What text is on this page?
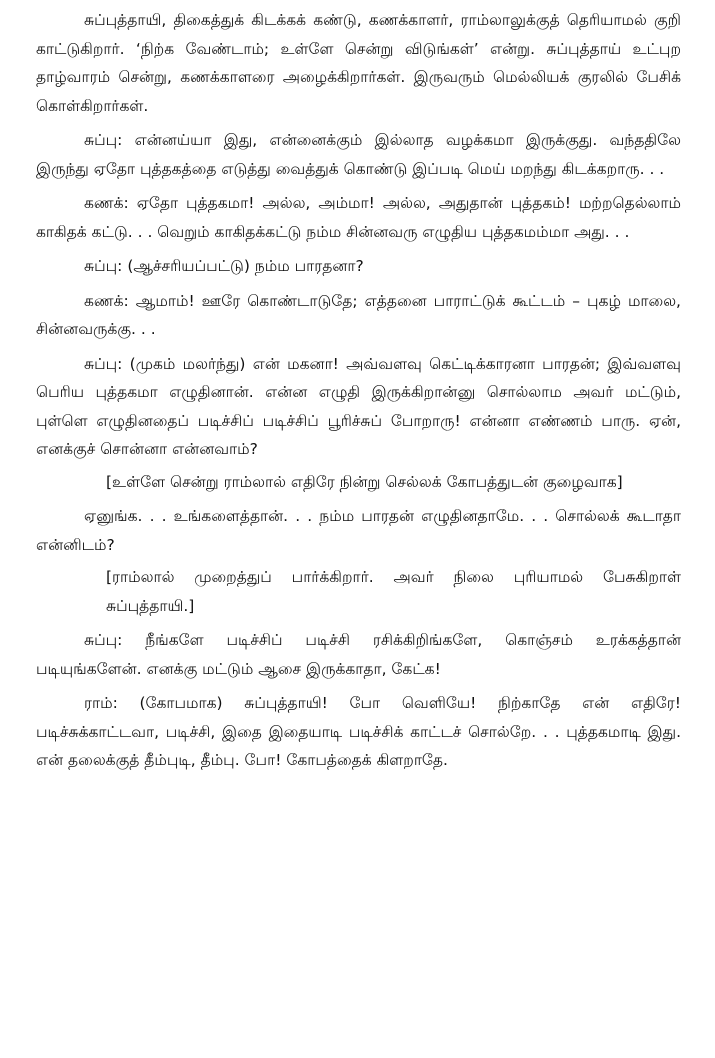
சுப்புத்தாயி, திகைத்துக் கிடக்கக் கண்டு, கணக்காளர், ராம்லாலுக்குத் தெரியாமல் குறி காட்டுகிறார். ‘நிற்க வேண்டாம்; உள்ளே சென்று விடுங்கள்’ என்று. சுப்புத்தாய் உட்புற தாழ்வாரம் சென்று, கணக்காளரை அழைக்கிறார்கள். இருவரும் மெல்லியக் குரலில் பேசிக் கொள்கிறார்கள்.

சுப்பு: என்னய்யா இது, என்னைக்கும் இல்லாத வழக்கமா இருக்குது. வந்ததிலே இருந்து ஏதோ புத்தகத்தை எடுத்து வைத்துக் கொண்டு இப்படி மெய் மறந்து கிடக்கறாரு. . .

கணக்: ஏதோ புத்தகமா! அல்ல, அம்மா! அல்ல, அதுதான் புத்தகம்! மற்றதெல்லாம் காகிதக் கட்டு. . . வெறும் காகிதக்கட்டு நம்ம சின்னவரு எழுதிய புத்தகமம்மா அது. . .

சுப்பு: (ஆச்சரியப்பட்டு) நம்ம பாரதனா?

கணக்: ஆமாம்! ஊரே கொண்டாடுதே; எத்தனை பாராட்டுக் கூட்டம் – புகழ் மாலை, சின்னவருக்கு. . .

சுப்பு: (முகம் மலர்ந்து) என் மகனா! அவ்வளவு கெட்டிக்காரனா பாரதன்; இவ்வளவு பெரிய புத்தகமா எழுதினான். என்ன எழுதி இருக்கிறான்னு சொல்லாம அவர் மட்டும், புள்ளெ எழுதினதைப் படிச்சிப் படிச்சிப் பூரிச்சுப் போறாரு! என்னா எண்ணம் பாரு. ஏன், எனக்குச் சொன்னா என்னவாம்?

[உள்ளே சென்று ராம்லால் எதிரே நின்று செல்லக் கோபத்துடன் குழைவாக]

ஏனுங்க. . . உங்களைத்தான். . . நம்ம பாரதன் எழுதினதாமே. . . சொல்லக் கூடாதா என்னிடம்?

[ராம்லால் முறைத்துப் பார்க்கிறார். அவர் நிலை புரியாமல் பேசுகிறாள் சுப்புத்தாயி.]

சுப்பு: நீங்களே படிச்சிப் படிச்சி ரசிக்கிறிங்களே, கொஞ்சம் உரக்கத்தான் படியுங்களேன். எனக்கு மட்டும் ஆசை இருக்காதா, கேட்க!

ராம்: (கோபமாக) சுப்புத்தாயி! போ வெளியே! நிற்காதே என் எதிரே! படிச்சுக்காட்டவா, படிச்சி, இதை இதையாடி படிச்சிக் காட்டச் சொல்றே. . . புத்தகமாடி இது. என் தலைக்குத் தீம்புடி, தீம்பு. போ! கோபத்தைக் கிளறாதே.
